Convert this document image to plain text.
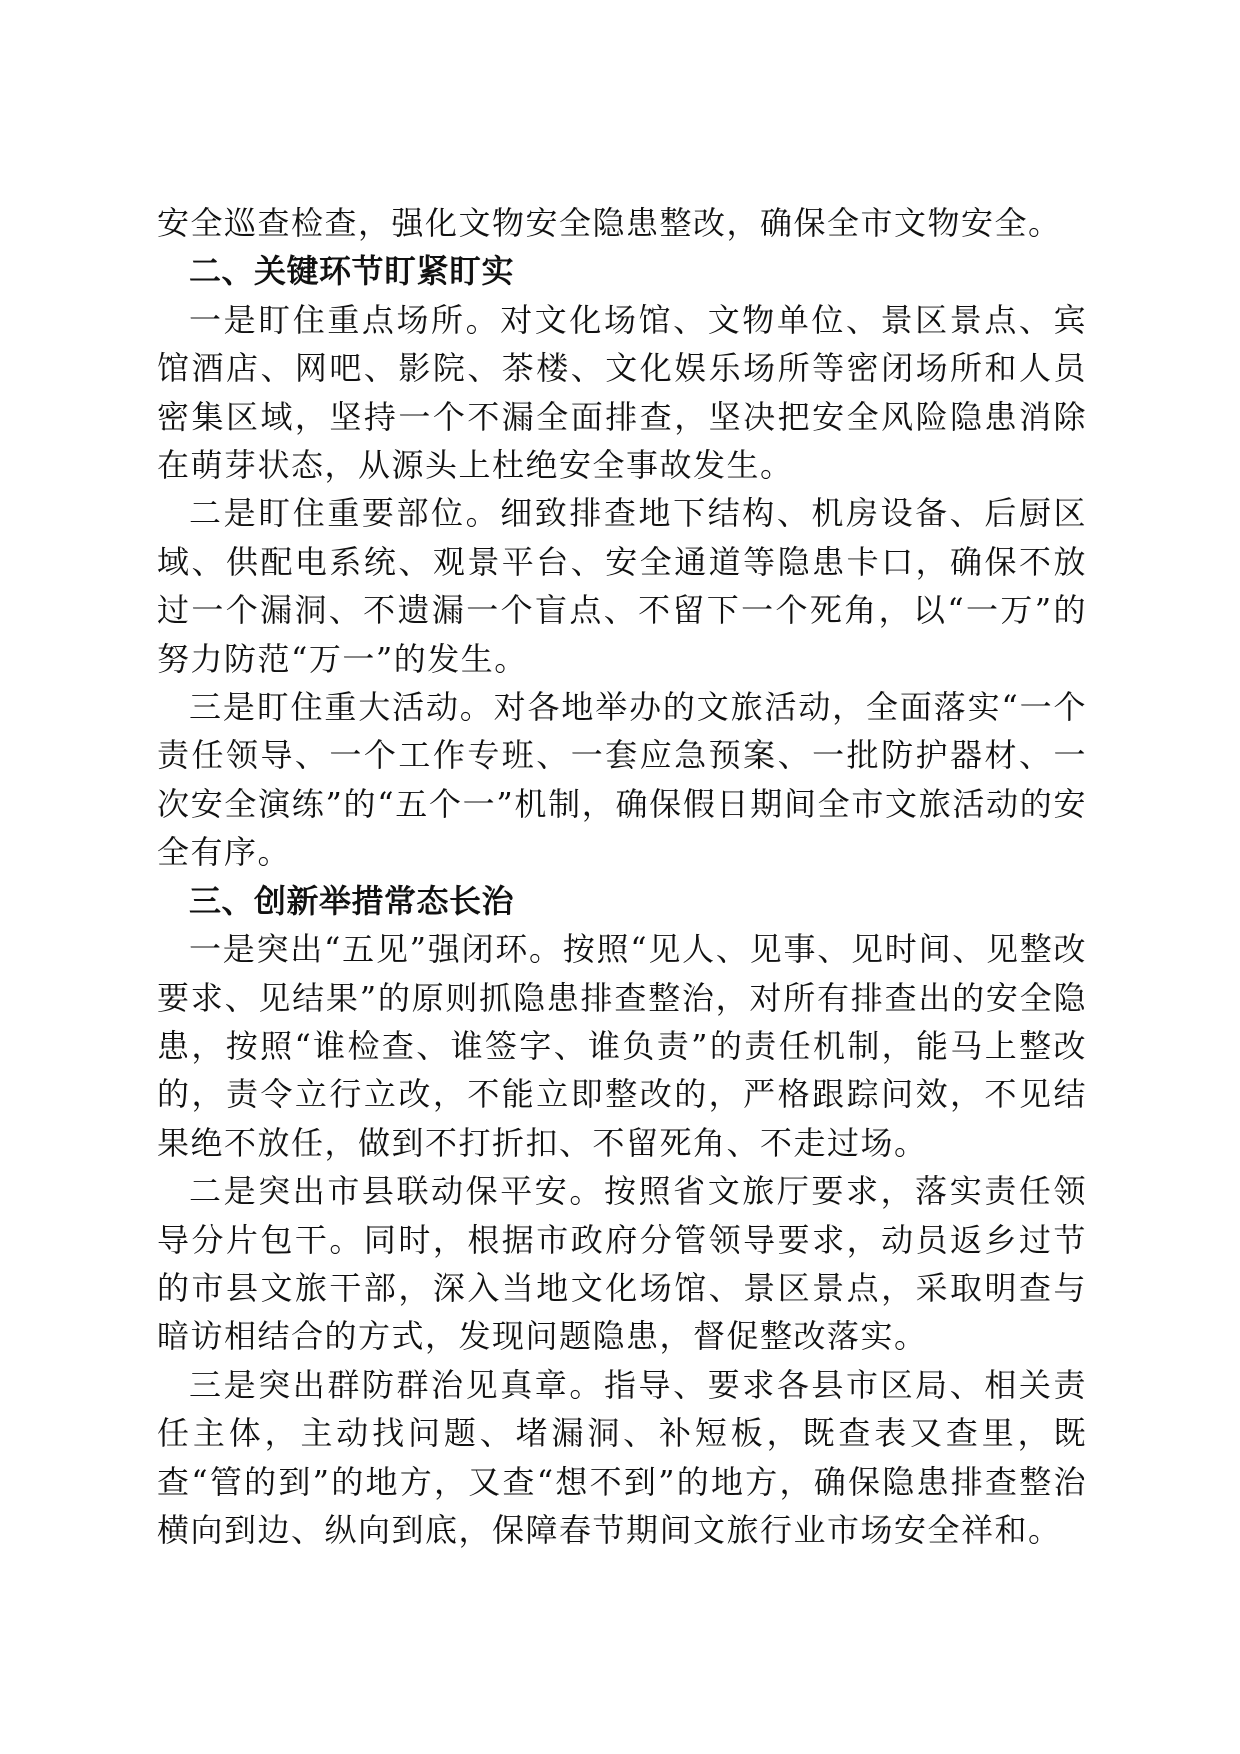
安全巡查检查，强化文物安全隐患整改，确保全市文物安全。

二、关键环节盯紧盯实

一是盯住重点场所。对文化场馆、文物单位、景区景点、宾馆酒店、网吧、影院、茶楼、文化娱乐场所等密闭场所和人员密集区域，坚持一个不漏全面排查，坚决把安全风险隐患消除在萌芽状态，从源头上杜绝安全事故发生。

二是盯住重要部位。细致排查地下结构、机房设备、后厨区域、供配电系统、观景平台、安全通道等隐患卡口，确保不放过一个漏洞、不遗漏一个盲点、不留下一个死角，以“一万”的努力防范“万一”的发生。

三是盯住重大活动。对各地举办的文旅活动，全面落实“一个责任领导、一个工作专班、一套应急预案、一批防护器材、一次安全演练”的“五个一”机制，确保假日期间全市文旅活动的安全有序。

三、创新举措常态长治

一是突出“五见”强闭环。按照“见人、见事、见时间、见整改要求、见结果”的原则抓隐患排查整治，对所有排查出的安全隐患，按照“谁检查、谁签字、谁负责”的责任机制，能马上整改的，责令立行立改，不能立即整改的，严格跟踪问效，不见结果绝不放任，做到不打折扣、不留死角、不走过场。

二是突出市县联动保平安。按照省文旅厅要求，落实责任领导分片包干。同时，根据市政府分管领导要求，动员返乡过节的市县文旅干部，深入当地文化场馆、景区景点，采取明查与暗访相结合的方式，发现问题隐患，督促整改落实。

三是突出群防群治见真章。指导、要求各县市区局、相关责任主体，主动找问题、堵漏洞、补短板，既查表又查里，既查“管的到”的地方，又查“想不到”的地方，确保隐患排查整治横向到边、纵向到底，保障春节期间文旅行业市场安全祥和。
